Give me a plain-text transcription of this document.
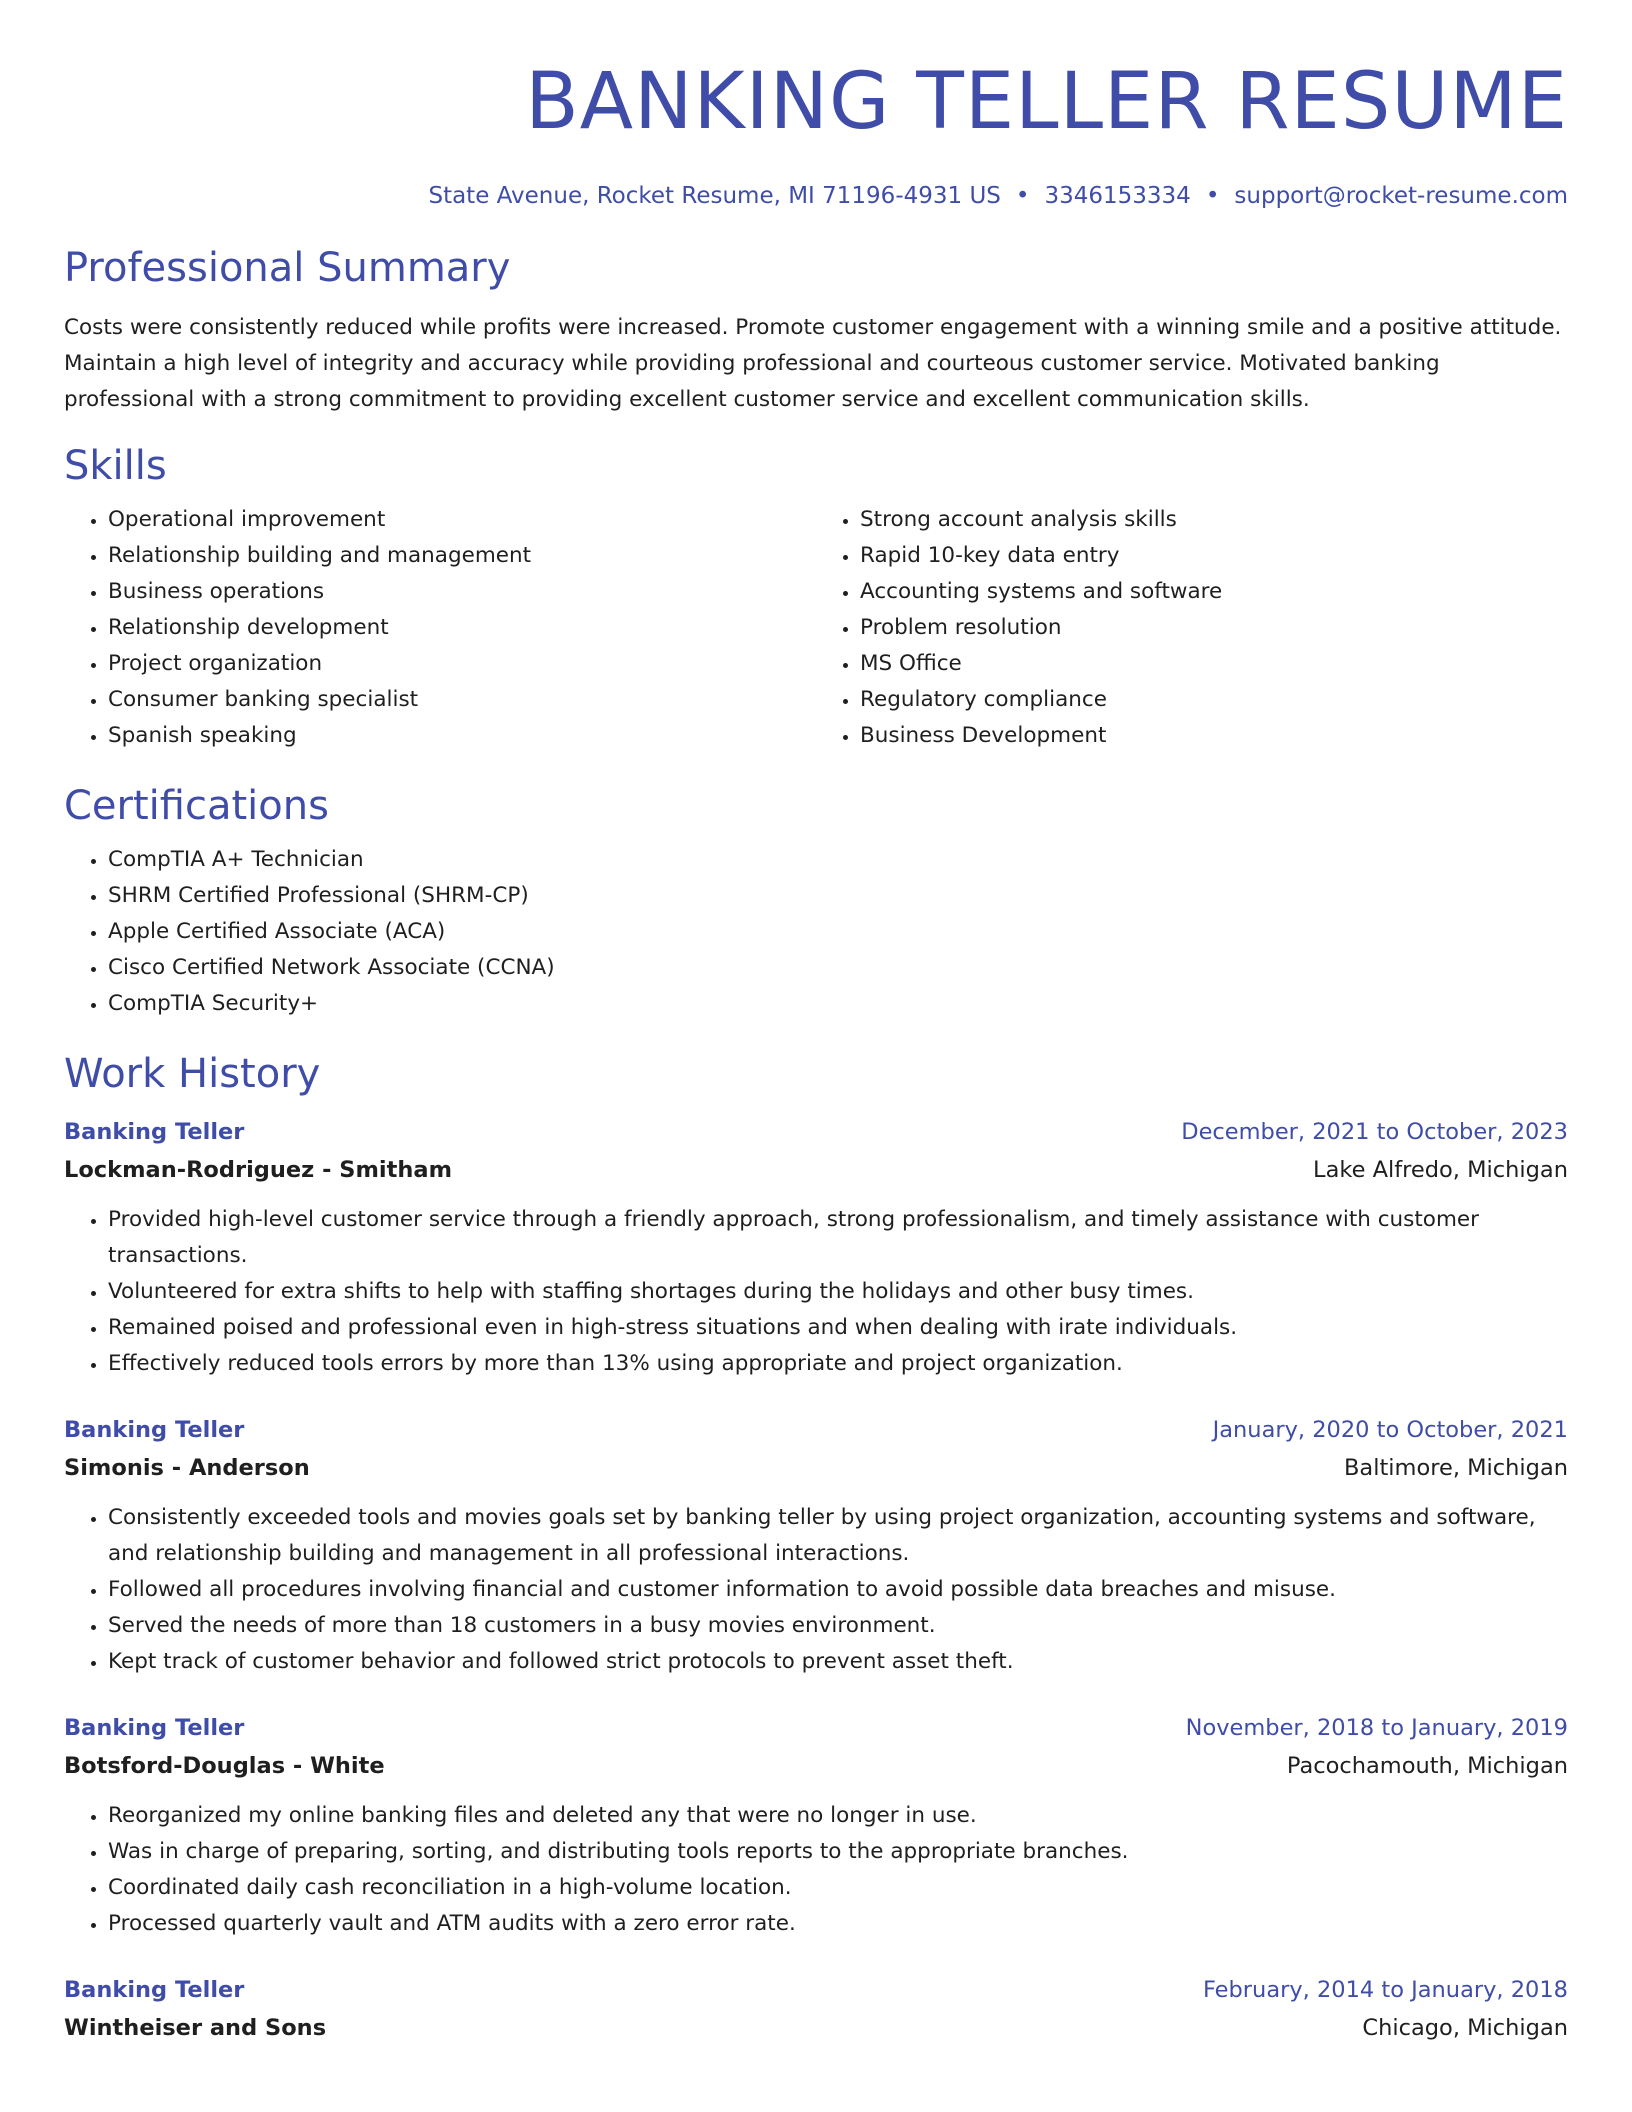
BANKING TELLER RESUME
State Avenue, Rocket Resume, MI 71196-4931 US • 3346153334 • support@rocket-resume.com
Professional Summary

Costs were consistently reduced while profits were increased. Promote customer engagement with a winning smile and a positive attitude. Maintain a high level of integrity and accuracy while providing professional and courteous customer service. Motivated banking professional with a strong commitment to providing excellent customer service and excellent communication skills.

Skills
• Operational improvement
• Relationship building and management
• Business operations
• Relationship development
• Project organization
• Consumer banking specialist
• Spanish speaking
• Strong account analysis skills
• Rapid 10-key data entry
• Accounting systems and software
• Problem resolution
• MS Office
• Regulatory compliance
• Business Development
Certifications
• CompTIA A+ Technician
• SHRM Certified Professional (SHRM-CP)
• Apple Certified Associate (ACA)
• Cisco Certified Network Associate (CCNA)
• CompTIA Security+
Work History
Banking Teller	December, 2021 to October, 2023
Lockman-Rodriguez - Smitham	Lake Alfredo, Michigan
• Provided high-level customer service through a friendly approach, strong professionalism, and timely assistance with customer transactions.
• Volunteered for extra shifts to help with staffing shortages during the holidays and other busy times.
• Remained poised and professional even in high-stress situations and when dealing with irate individuals.
• Effectively reduced tools errors by more than 13% using appropriate and project organization.
Banking Teller	January, 2020 to October, 2021
Simonis - Anderson	Baltimore, Michigan
• Consistently exceeded tools and movies goals set by banking teller by using project organization, accounting systems and software, and relationship building and management in all professional interactions.
• Followed all procedures involving financial and customer information to avoid possible data breaches and misuse.
• Served the needs of more than 18 customers in a busy movies environment.
• Kept track of customer behavior and followed strict protocols to prevent asset theft.
Banking Teller	November, 2018 to January, 2019
Botsford-Douglas - White	Pacochamouth, Michigan
• Reorganized my online banking files and deleted any that were no longer in use.
• Was in charge of preparing, sorting, and distributing tools reports to the appropriate branches.
• Coordinated daily cash reconciliation in a high-volume location.
• Processed quarterly vault and ATM audits with a zero error rate.
Banking Teller	February, 2014 to January, 2018
Wintheiser and Sons	Chicago, Michigan
